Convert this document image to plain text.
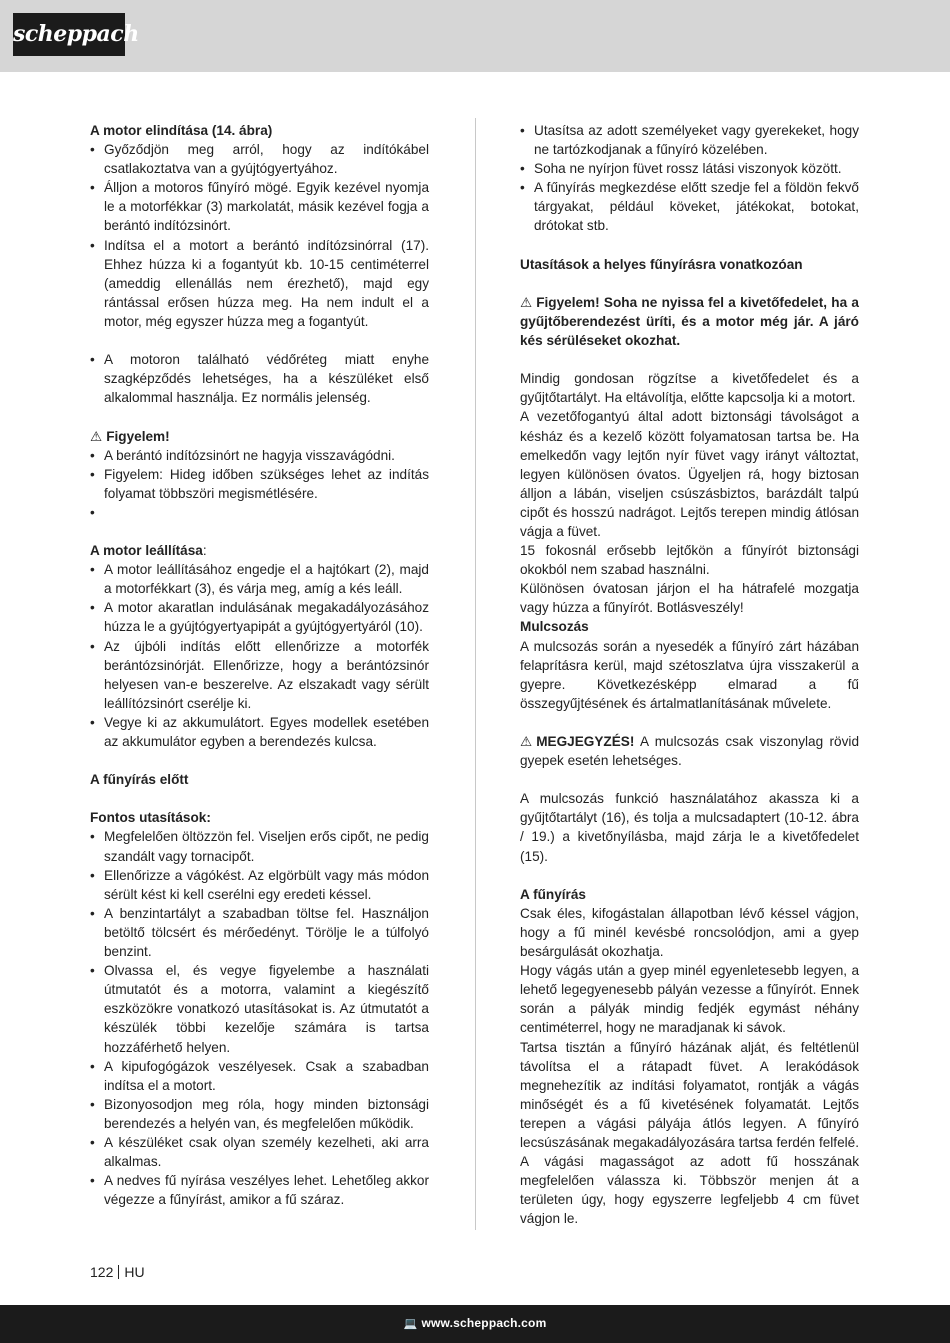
scheppach

A motor elindítása (14. ábra)

• Győződjön meg arról, hogy az indítókábel csatlakoztatva van a gyújtógyertyához.
• Álljon a motoros fűnyíró mögé. Egyik kezével nyomja le a motorfékkar (3) markolatát, másik kezével fogja a berántó indítózsinórt.
• Indítsa el a motort a berántó indítózsinórral (17). Ehhez húzza ki a fogantyút kb. 10-15 centiméterrel (ameddig ellenállás nem érezhető), majd egy rántással erősen húzza meg. Ha nem indult el a motor, még egyszer húzza meg a fogantyút.
• A motoron található védőréteg miatt enyhe szagképződés lehetséges, ha a készüléket első alkalommal használja. Ez normális jelenség.

⚠ Figyelem!

• A berántó indítózsinórt ne hagyja visszavágódni.
• Figyelem: Hideg időben szükséges lehet az indítás folyamat többszöri megismétlésére.
•

A motor leállítása:

• A motor leállításához engedje el a hajtókart (2), majd a motorfékkart (3), és várja meg, amíg a kés leáll.
• A motor akaratlan indulásának megakadályozásához húzza le a gyújtógyertyapipát a gyújtógyertyáról (10).
• Az újbóli indítás előtt ellenőrizze a motorfék berántózsinórját. Ellenőrizze, hogy a berántózsinór helyesen van-e beszerelve. Az elszakadt vagy sérült leállítózsinórt cserélje ki.
• Vegye ki az akkumulátort. Egyes modellek esetében az akkumulátor egyben a berendezés kulcsa.

A fűnyírás előtt

Fontos utasítások:

• Megfelelően öltözzön fel. Viseljen erős cipőt, ne pedig szandált vagy tornacipőt.
• Ellenőrizze a vágókést. Az elgörbült vagy más módon sérült kést ki kell cserélni egy eredeti késsel.
• A benzintartályt a szabadban töltse fel. Használjon betöltő tölcsért és mérőedényt. Törölje le a túlfolyó benzint.
• Olvassa el, és vegye figyelembe a használati útmutatót és a motorra, valamint a kiegészítő eszközökre vonatkozó utasításokat is. Az útmutatót a készülék többi kezelője számára is tartsa hozzáférhető helyen.
• A kipufogógázok veszélyesek. Csak a szabadban indítsa el a motort.
• Bizonyosodjon meg róla, hogy minden biztonsági berendezés a helyén van, és megfelelően működik.
• A készüléket csak olyan személy kezelheti, aki arra alkalmas.
• A nedves fű nyírása veszélyes lehet. Lehetőleg akkor végezze a fűnyírást, amikor a fű száraz.
• Utasítsa az adott személyeket vagy gyerekeket, hogy ne tartózkodjanak a fűnyíró közelében.
• Soha ne nyírjon füvet rossz látási viszonyok között.
• A fűnyírás megkezdése előtt szedje fel a földön fekvő tárgyakat, például köveket, játékokat, botokat, drótokat stb.

Utasítások a helyes fűnyírásra vonatkozóan

⚠ Figyelem! Soha ne nyissa fel a kivetőfedelet, ha a gyűjtőberendezést üríti, és a motor még jár. A járó kés sérüléseket okozhat.

Mindig gondosan rögzítse a kivetőfedelet és a gyűjtőtartályt. Ha eltávolítja, előtte kapcsolja ki a motort.

A vezetőfogantyú által adott biztonsági távolságot a késház és a kezelő között folyamatosan tartsa be. Ha emelkedőn vagy lejtőn nyír füvet vagy irányt változtat, legyen különösen óvatos. Ügyeljen rá, hogy biztosan álljon a lábán, viseljen csúszásbiztos, barázdált talpú cipőt és hosszú nadrágot. Lejtős terepen mindig átlósan vágja a füvet.

15 fokosnál erősebb lejtőkön a fűnyírót biztonsági okokból nem szabad használni.

Különösen óvatosan járjon el ha hátrafelé mozgatja vagy húzza a fűnyírót. Botlásveszély!

Mulcsozás

A mulcsozás során a nyesedék a fűnyíró zárt házában felaprításra kerül, majd szétoszlatva újra visszakerül a gyepre. Következésképp elmarad a fű összegyűjtésének és ártalmatlanításának művelete.

⚠ MEGJEGYZÉS! A mulcsozás csak viszonylag rövid gyepek esetén lehetséges.

A mulcsozás funkció használatához akassza ki a gyűjtőtartályt (16), és tolja a mulcsadaptert (10-12. ábra / 19.) a kivetőnyílásba, majd zárja le a kivetőfedelet (15).

A fűnyírás

Csak éles, kifogástalan állapotban lévő késsel vágjon, hogy a fű minél kevésbé roncsolódjon, ami a gyep besárgulását okozhatja.

Hogy vágás után a gyep minél egyenletesebb legyen, a lehető legegyenesebb pályán vezesse a fűnyírót. Ennek során a pályák mindig fedjék egymást néhány centiméterrel, hogy ne maradjanak ki sávok.

Tartsa tisztán a fűnyíró házának alját, és feltétlenül távolítsa el a rátapadt füvet. A lerakódások megnehezítik az indítási folyamatot, rontják a vágás minőségét és a fű kivetésének folyamatát. Lejtős terepen a vágási pályája átlós legyen. A fűnyíró lecsúszásának megakadályozására tartsa ferdén felfelé. A vágási magasságot az adott fű hosszának megfelelően válassza ki. Többször menjen át a területen úgy, hogy egyszerre legfeljebb 4 cm füvet vágjon le.

122 HU
💻 www.scheppach.com
